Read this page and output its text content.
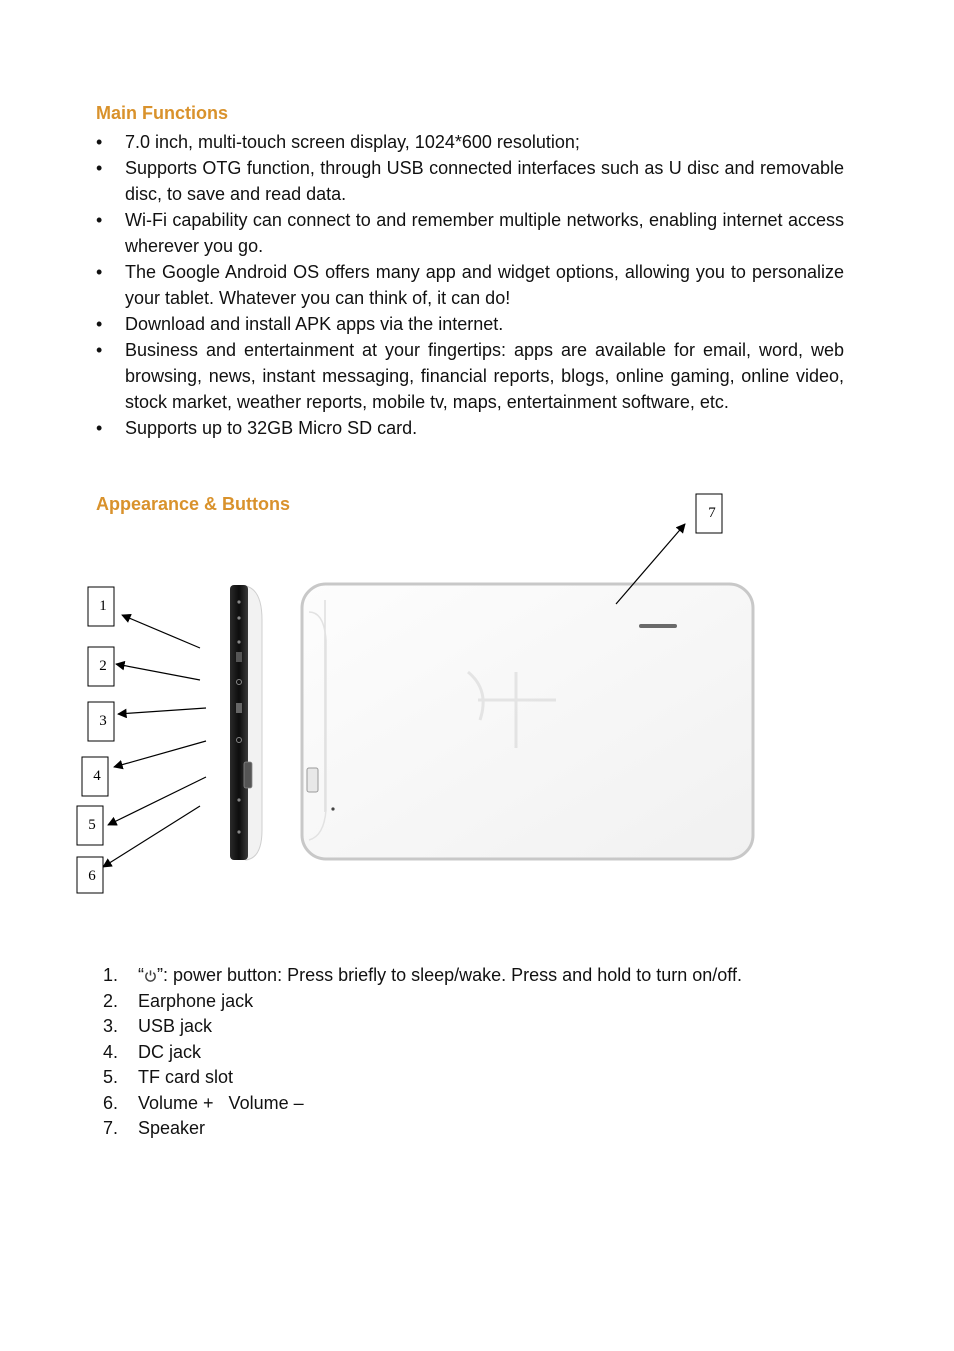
Main Functions
• 7.0 inch, multi-touch screen display, 1024*600 resolution;
• Supports OTG function, through USB connected interfaces such as U disc and removable disc, to save and read data.
• Wi-Fi capability can connect to and remember multiple networks, enabling internet access wherever you go.
• The Google Android OS offers many app and widget options, allowing you to personalize your tablet. Whatever you can think of, it can do!
• Download and install APK apps via the internet.
• Business and entertainment at your fingertips: apps are available for email, word, web browsing, news, instant messaging, financial reports, blogs, online gaming, online video, stock market, weather reports, mobile tv, maps, entertainment software, etc.
• Supports up to 32GB Micro SD card.
Appearance & Buttons
1
2
3
4
5
6
7
1. “ ”: power button: Press briefly to sleep/wake. Press and hold to turn on/off.
2. Earphone jack
3. USB jack
4. DC jack
5. TF card slot
6. Volume +   Volume –
7. Speaker
